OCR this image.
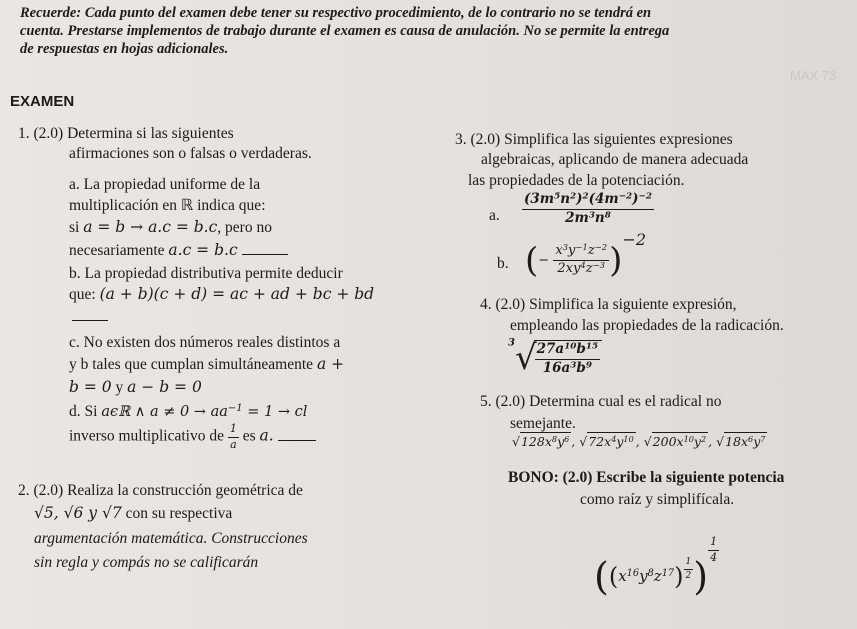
MAX 73
Recuerde: Cada punto del examen debe tener su respectivo procedimiento, de lo contrario no se tendrá en
cuenta. Prestarse implementos de trabajo durante el examen es causa de anulación. No se permite la entrega
de respuestas en hojas adicionales.
EXAMEN
1. (2.0) Determina si las siguientes
afirmaciones son o falsas o verdaderas.
a. La propiedad uniforme de la
multiplicación en ℝ indica que:
si a = b → a.c = b.c, pero no
necesariamente a.c = b.c
b. La propiedad distributiva permite deducir
que: (a + b)(c + d) = ac + ad + bc + bd
c. No existen dos números reales distintos a
y b tales que cumplan simultáneamente a +
b = 0 y a − b = 0
d. Si aϵℝ ∧ $a \ne 0 \to aa^{-1} = 1$ → cl
inverso multiplicativo de $\frac{1}{a}$ es a.
2. (2.0) Realiza la construcción geométrica de
√5, √6 y √7 con su respectiva
argumentación matemática. Construcciones
sin regla y compás no se calificarán
3. (2.0) Simplifica las siguientes expresiones
algebraicas, aplicando de manera adecuada
las propiedades de la potenciación.
a. $\frac{(3m^5n^2)^2(4m^{-2})^{-2}}{2m^3n^8}$
b. (− $\frac{x^3y^{-1}z^{-2}}{2xy^4z^{-3}} )^{-2}$
4. (2.0) Simplifica la siguiente expresión,
empleando las propiedades de la radicación.
$^3$√
$\frac{27a^{10}b^{15}}{16a^3b^9}$
5. (2.0) Determina cual es el radical no
semejante.
$√128x^8y^6$ , $√72x^4y^{10}$ , $√200x^{10}y^2$ , $√18x^6y^7$
BONO: (2.0) Escribe la siguiente potencia
como raíz y simplifícala.
($(x^{16}y^8z^{17}) \frac{1}{2}$ )
$\frac{1}{4}$
